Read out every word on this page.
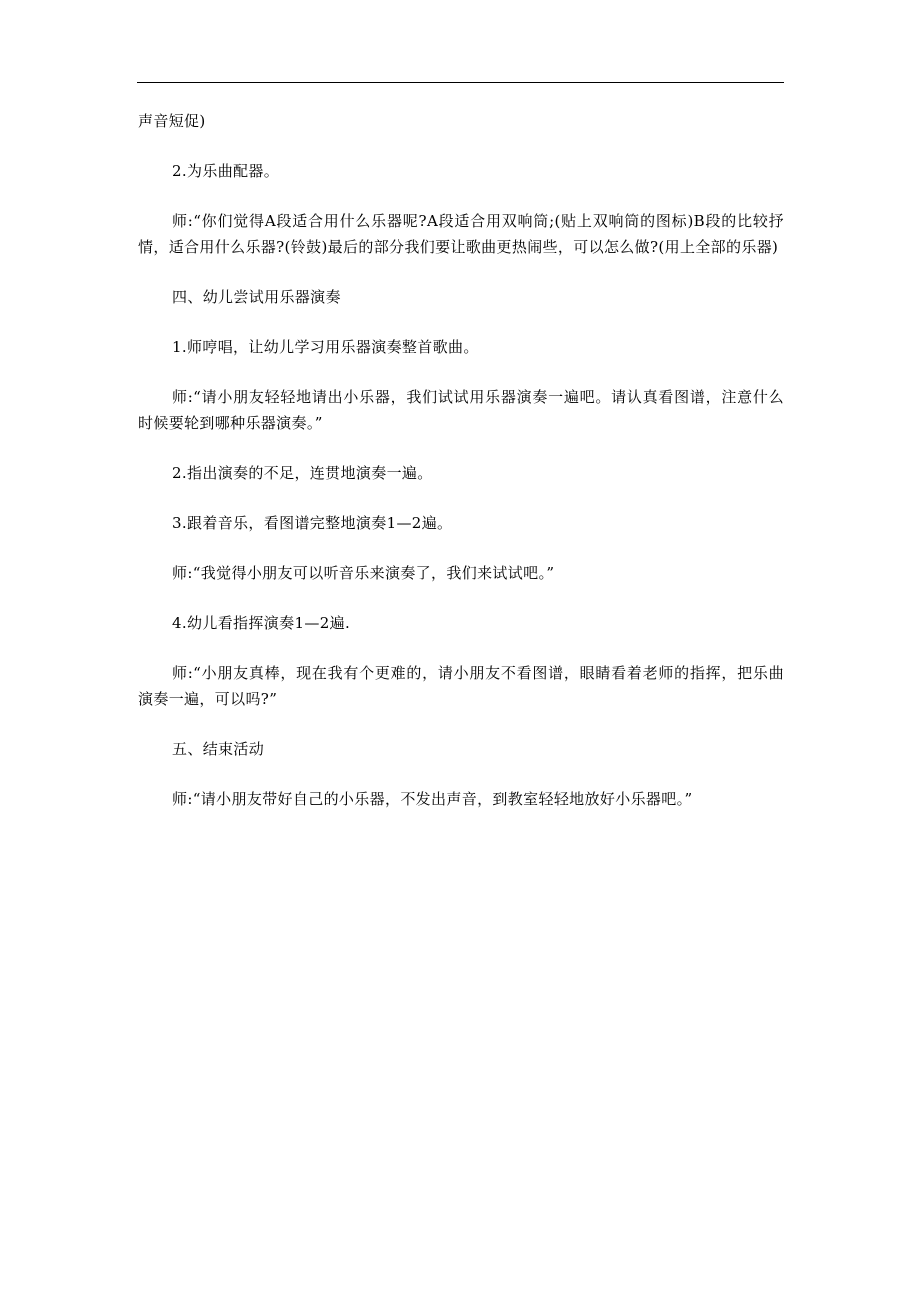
声音短促)

2.为乐曲配器。

师:“你们觉得A段适合用什么乐器呢?A段适合用双响筒;(贴上双响筒的图标)B段的比较抒情，适合用什么乐器?(铃鼓)最后的部分我们要让歌曲更热闹些，可以怎么做?(用上全部的乐器)

四、幼儿尝试用乐器演奏

1.师哼唱，让幼儿学习用乐器演奏整首歌曲。

师:“请小朋友轻轻地请出小乐器，我们试试用乐器演奏一遍吧。请认真看图谱，注意什么时候要轮到哪种乐器演奏。”

2.指出演奏的不足，连贯地演奏一遍。

3.跟着音乐，看图谱完整地演奏1—2遍。

师:“我觉得小朋友可以听音乐来演奏了，我们来试试吧。”

4.幼儿看指挥演奏1—2遍.

师:“小朋友真棒，现在我有个更难的，请小朋友不看图谱，眼睛看着老师的指挥，把乐曲演奏一遍，可以吗?”

五、结束活动

师:“请小朋友带好自己的小乐器，不发出声音，到教室轻轻地放好小乐器吧。”
